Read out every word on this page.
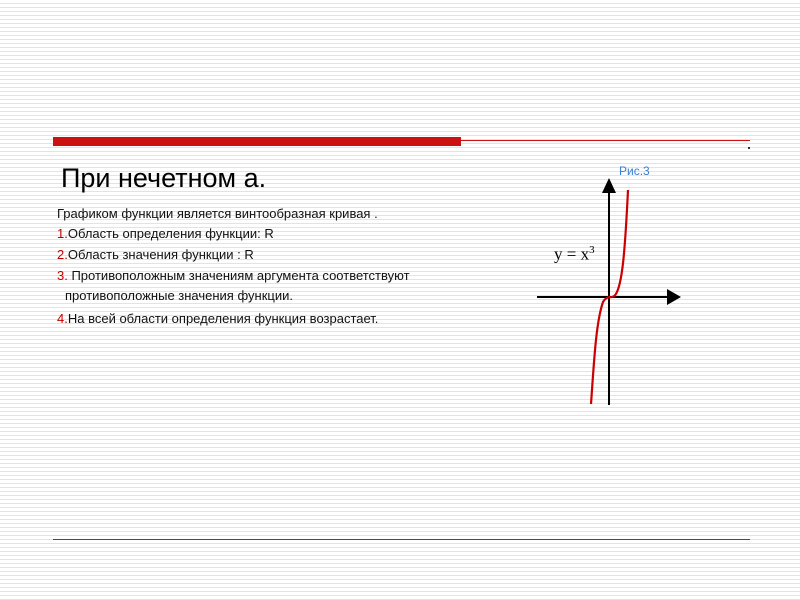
При нечетном а.
Графиком функции является винтообразная кривая .
1.Область определения функции: R
2.Область значения функции : R
3. Противоположным значениям аргумента соответствуют
противоположные значения функции.
4.На всей области определения функция возрастает.
Рис.3
$y = x^3$
